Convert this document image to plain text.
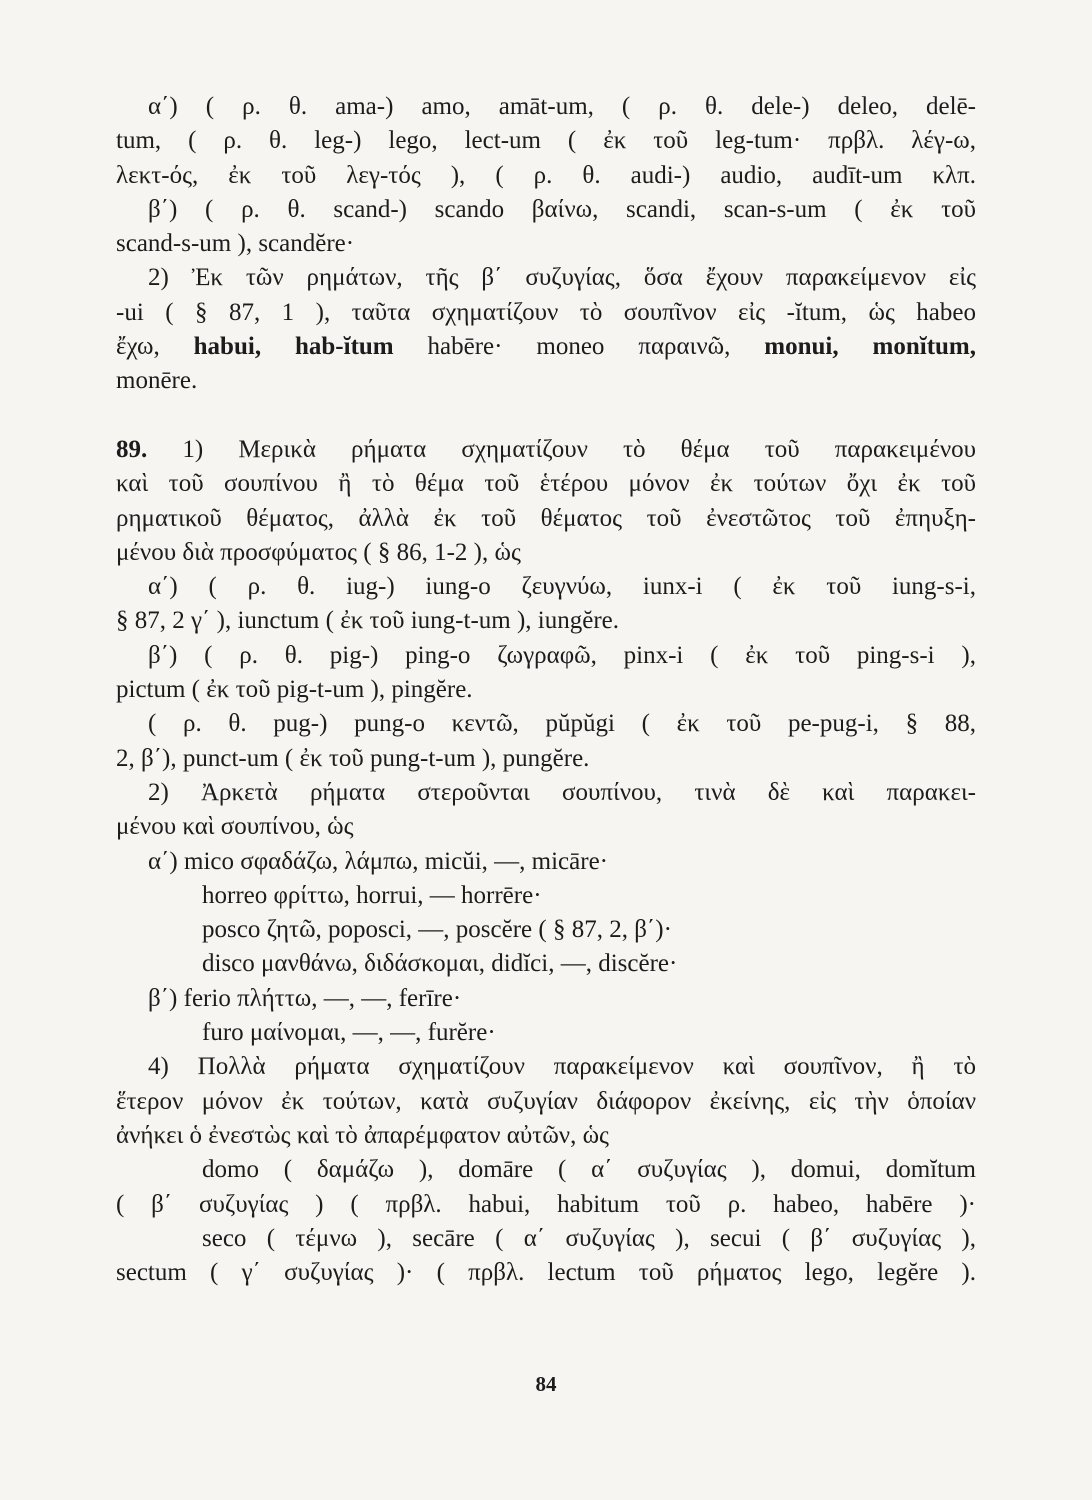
α΄) ( ρ. θ. ama-) amo, amāt-um, ( ρ. θ. dele-) deleo, delē-
tum, ( ρ. θ. leg-) lego, lect-um ( ἐκ τοῦ leg-tum· πρβλ. λέγ-ω,
λεκτ-ός, ἐκ τοῦ λεγ-τός ), ( ρ. θ. audi-) audio, audīt-um κλπ.
β΄) ( ρ. θ. scand-) scando βαίνω, scandi, scan-s-um ( ἐκ τοῦ
scand-s-um ), scandĕre·
2) Ἐκ τῶν ρημάτων, τῆς β΄ συζυγίας, ὅσα ἔχουν παρακείμενον εἰς
-ui ( § 87, 1 ), ταῦτα σχηματίζουν τὸ σουπῖνον εἰς -ĭtum, ὡς habeo
ἔχω, habui, hab-ĭtum habēre· moneo παραινῶ, monui, monĭtum,
monēre.
89. 1) Μερικὰ ρήματα σχηματίζουν τὸ θέμα τοῦ παρακειμένου
καὶ τοῦ σουπίνου ἢ τὸ θέμα τοῦ ἑτέρου μόνον ἐκ τούτων ὄχι ἐκ τοῦ
ρηματικοῦ θέματος, ἀλλὰ ἐκ τοῦ θέματος τοῦ ἐνεστῶτος τοῦ ἐπηυξη-
μένου διὰ προσφύματος ( § 86, 1-2 ), ὡς
α΄) ( ρ. θ. iug-) iung-o ζευγνύω, iunx-i ( ἐκ τοῦ iung-s-i,
§ 87, 2 γ΄ ), iunctum ( ἐκ τοῦ iung-t-um ), iungĕre.
β΄) ( ρ. θ. pig-) ping-o ζωγραφῶ, pinx-i ( ἐκ τοῦ ping-s-i ),
pictum ( ἐκ τοῦ pig-t-um ), pingĕre.
( ρ. θ. pug-) pung-o κεντῶ, pŭpŭgi ( ἐκ τοῦ pe-pug-i, § 88,
2, β΄), punct-um ( ἐκ τοῦ pung-t-um ), pungĕre.
2) Ἀρκετὰ ρήματα στεροῦνται σουπίνου, τινὰ δὲ καὶ παρακει-
μένου καὶ σουπίνου, ὡς
α΄) mico σφαδάζω, λάμπω, micŭi, —, micāre·
horreo φρίττω, horrui, — horrēre·
posco ζητῶ, poposci, —, poscĕre ( § 87, 2, β΄)·
disco μανθάνω, διδάσκομαι, didĭci, —, discĕre·
β΄) ferio πλήττω, —, —, ferīre·
furo μαίνομαι, —, —, furĕre·
4) Πολλὰ ρήματα σχηματίζουν παρακείμενον καὶ σουπῖνον, ἢ τὸ
ἕτερον μόνον ἐκ τούτων, κατὰ συζυγίαν διάφορον ἐκείνης, εἰς τὴν ὁποίαν
ἀνήκει ὁ ἐνεστὼς καὶ τὸ ἀπαρέμφατον αὐτῶν, ὡς
domo ( δαμάζω ), domāre ( α΄ συζυγίας ), domui, domĭtum
( β΄ συζυγίας ) ( πρβλ. habui, habitum τοῦ ρ. habeo, habēre )·
seco ( τέμνω ), secāre ( α΄ συζυγίας ), secui ( β΄ συζυγίας ),
sectum ( γ΄ συζυγίας )· ( πρβλ. lectum τοῦ ρήματος lego, legĕre ).
84
